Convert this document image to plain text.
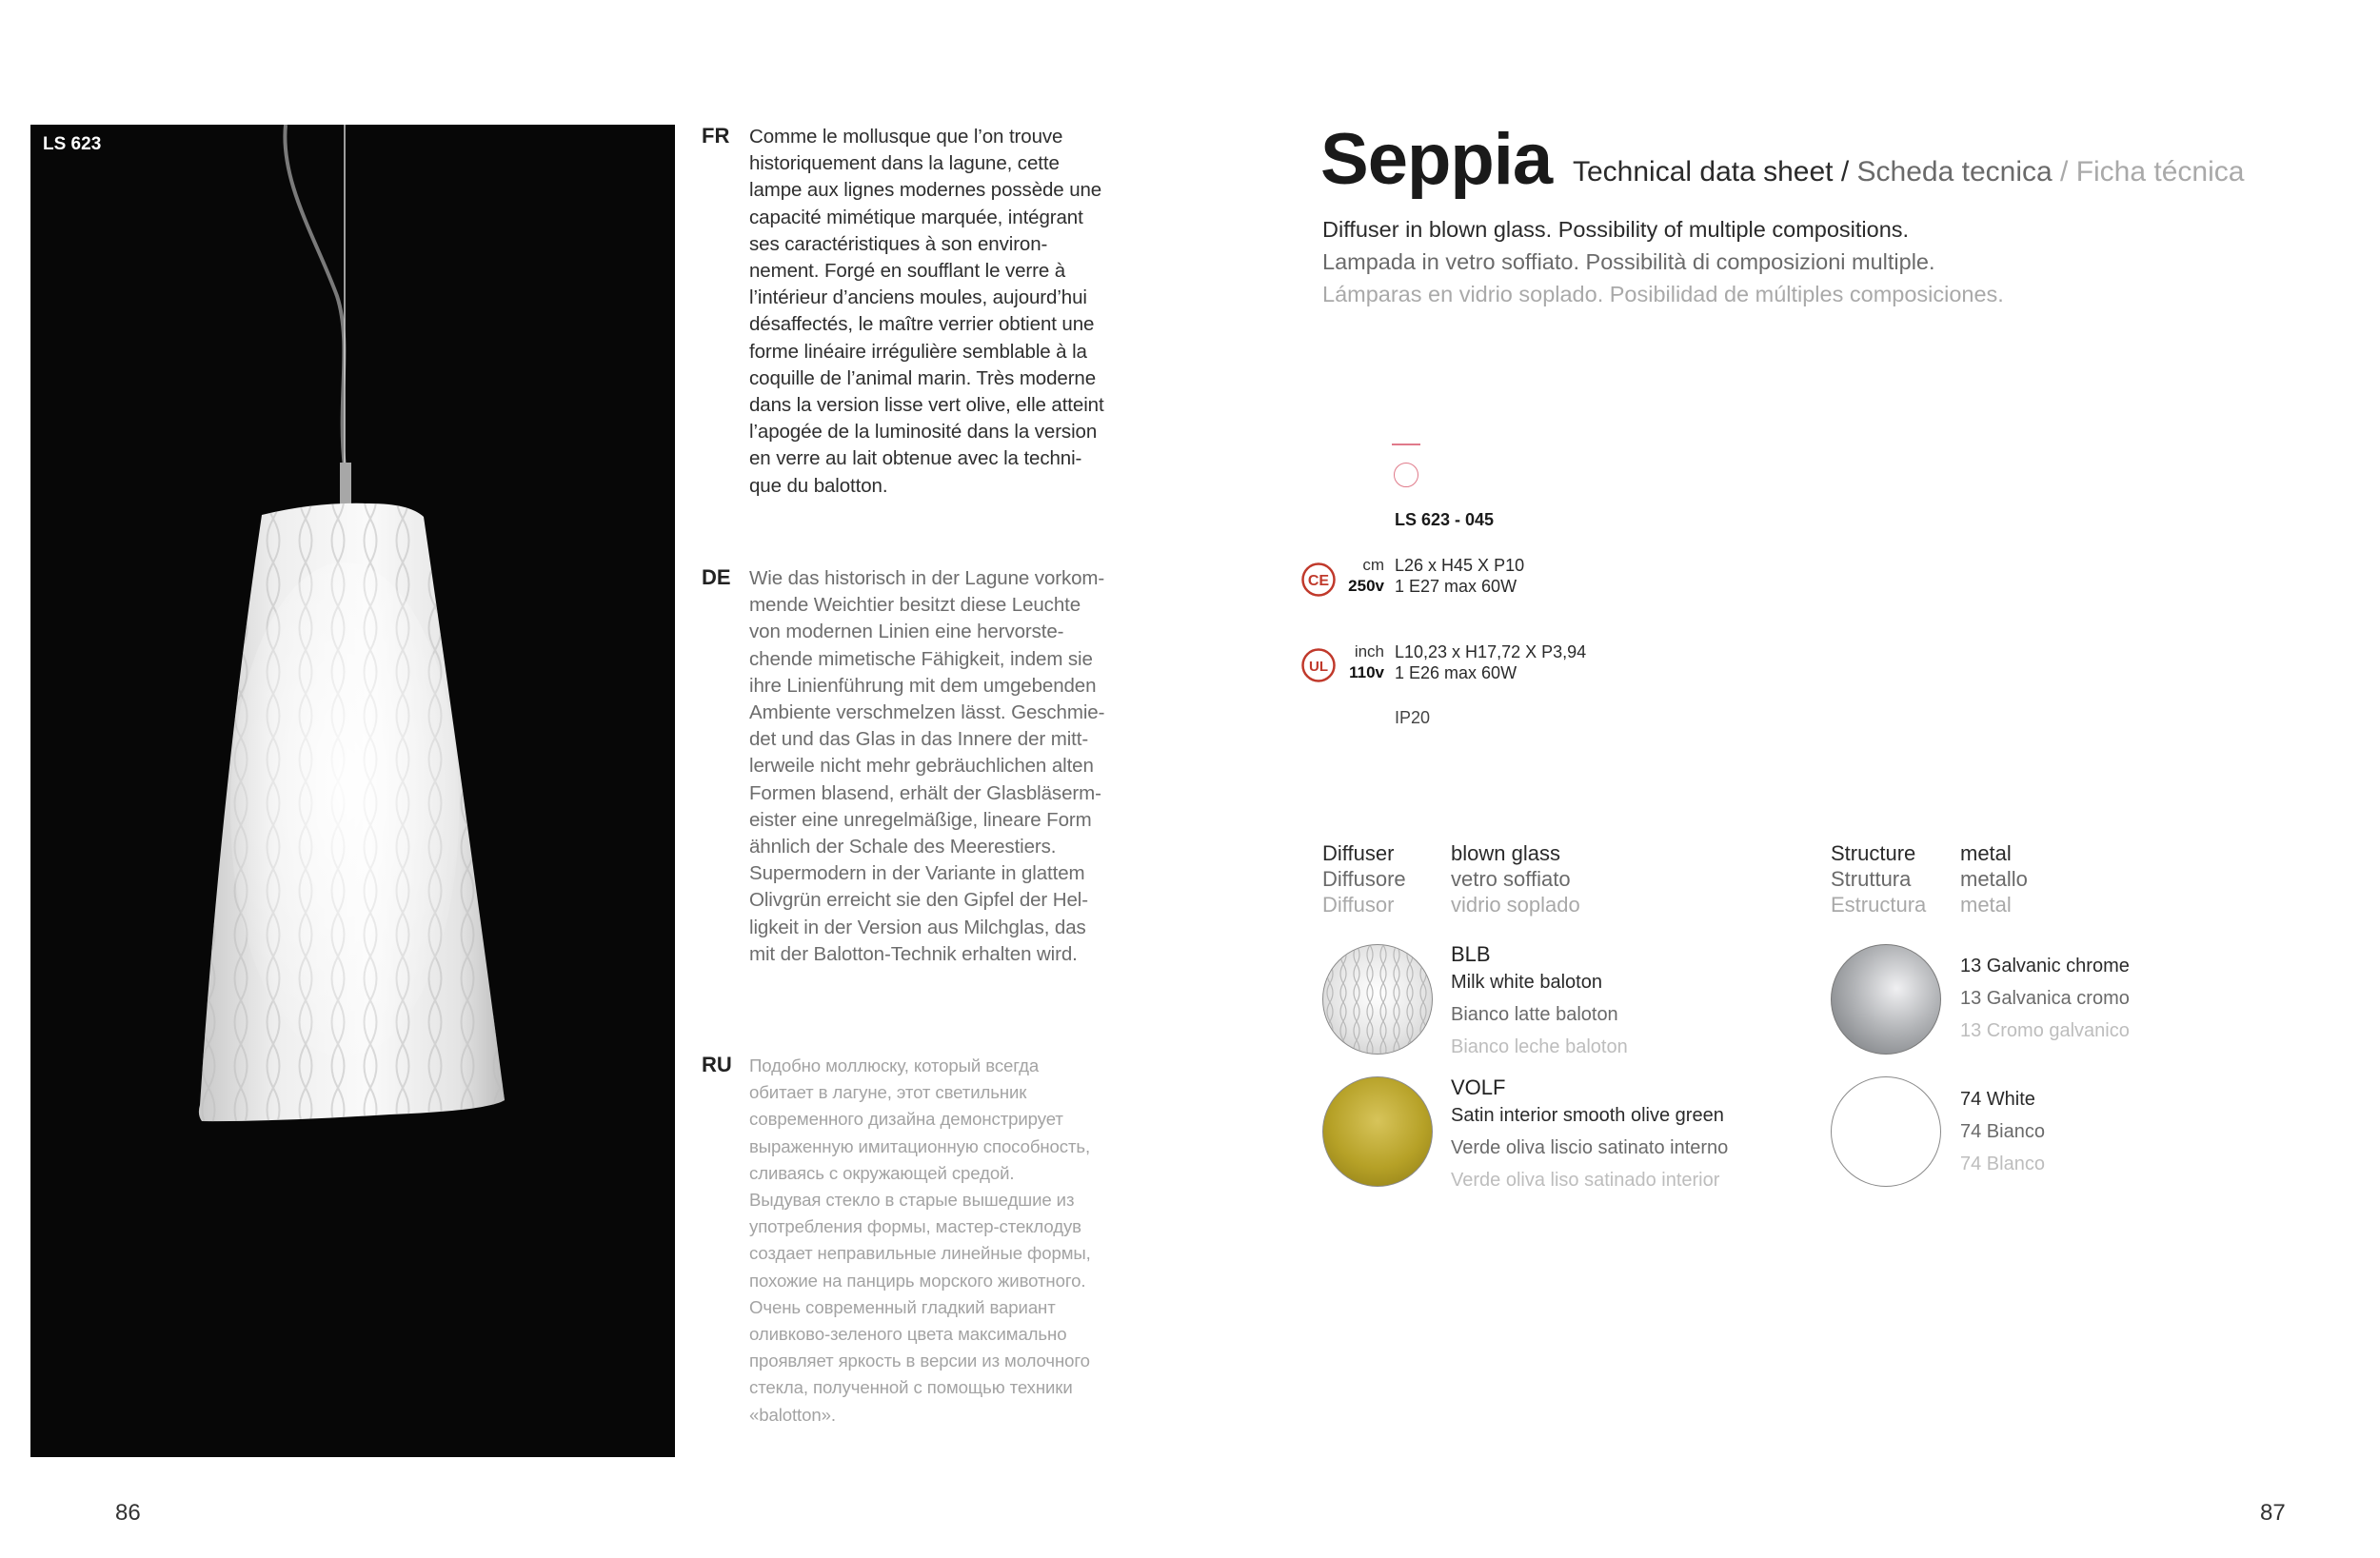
LS 623	FR Comme le mollusque que l’on trouve
historiquement dans la lagune, cette
lampe aux lignes modernes possède une
capacité mimétique marquée, intégrant
ses caractéristiques à son environ-
nement. Forgé en soufflant le verre à
l’intérieur d’anciens moules, aujourd’hui
désaffectés, le maître verrier obtient une
forme linéaire irrégulière semblable à la
coquille de l’animal marin. Très moderne
dans la version lisse vert olive, elle atteint
l’apogée de la luminosité dans la version
en verre au lait obtenue avec la techni-
que du balotton.
DE Wie das historisch in der Lagune vorkom-
mende Weichtier besitzt diese Leuchte
von modernen Linien eine hervorste-
chende mimetische Fähigkeit, indem sie
ihre Linienführung mit dem umgebenden
Ambiente verschmelzen lässt. Geschmie-
det und das Glas in das Innere der mitt-
lerweile nicht mehr gebräuchlichen alten
Formen blasend, erhält der Glasbläserm-
eister eine unregelmäßige, lineare Form
ähnlich der Schale des Meerestiers.
Supermodern in der Variante in glattem
Olivgrün erreicht sie den Gipfel der Hel-
ligkeit in der Version aus Milchglas, das
mit der Balotton-Technik erhalten wird.
RU Подобно моллюску, который всегда
обитает в лагуне, этот светильник
современного дизайна демонстрирует
выраженную имитационную способность,
сливаясь с окружающей средой.
Выдувая стекло в старые вышедшие из
употребления формы, мастер-стеклодув
создает неправильные линейные формы,
похожие на панцирь морского животного.
Очень современный гладкий вариант
оливково-зеленого цвета максимально
проявляет яркость в версии из молочного
стекла, полученной с помощью техники
«balotton».
Seppia Technical data sheet / Scheda tecnica / Ficha técnica
Diffuser in blown glass. Possibility of multiple compositions.
Lampada in vetro soffiato. Possibilità di composizioni multiple.
Lámparas en vidrio soplado. Posibilidad de múltiples composiciones.
LS 623 - 045
CE
cm
250v
L26 x H45 X P10
1 E27 max 60W
UL
inch
110v
L10,23 x H17,72 X P3,94
1 E26 max 60W
IP20
Diffuser
Diffusore
Diffusor
blown glass
vetro soffiato
vidrio soplado
Structure
Struttura
Estructura
metal
metallo
metal
BLB
Milk white baloton
Bianco latte baloton
Bianco leche baloton
VOLF
Satin interior smooth olive green
Verde oliva liscio satinato interno
Verde oliva liso satinado interior
13 Galvanic chrome
13 Galvanica cromo
13 Cromo galvanico
74 White
74 Bianco
74 Blanco
86	87
